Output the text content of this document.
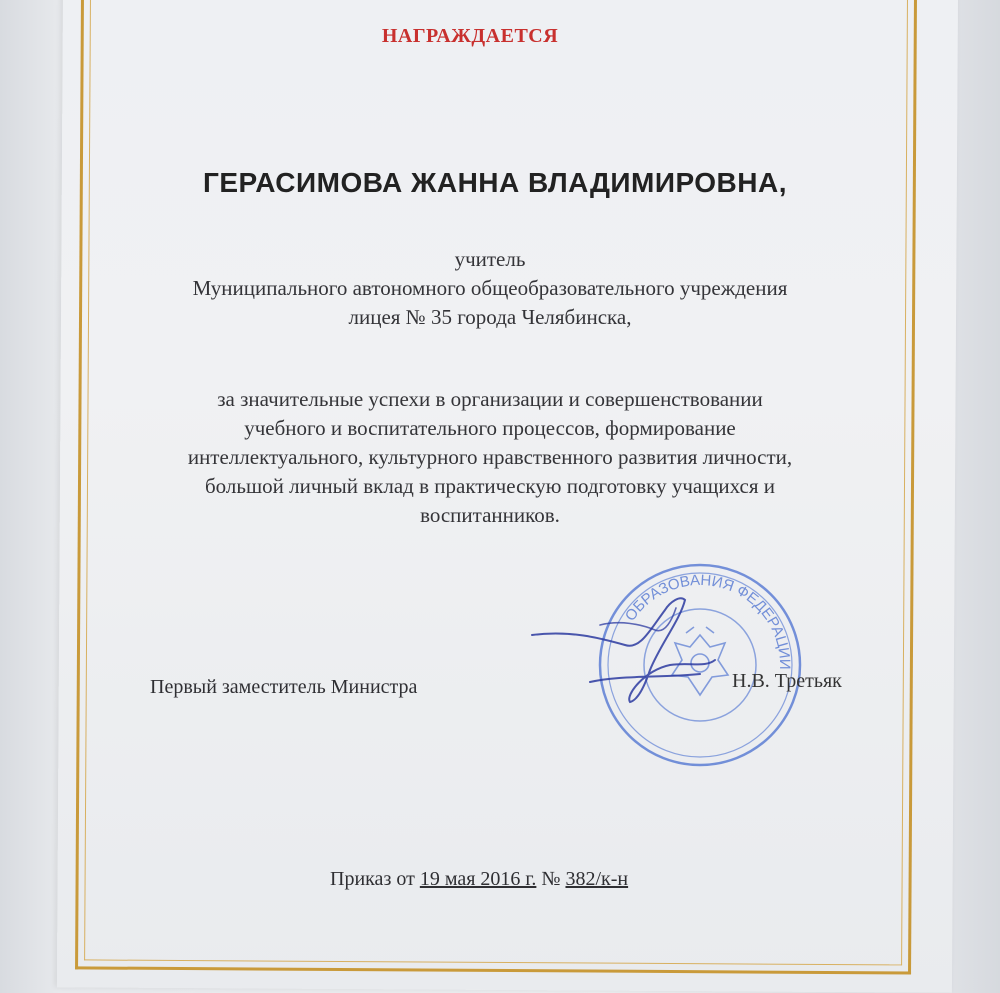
НАГРАЖДАЕТСЯ
ГЕРАСИМОВА ЖАННА ВЛАДИМИРОВНА,
учитель
Муниципального автономного общеобразовательного учреждения
лицея № 35 города Челябинска,
за значительные успехи в организации и совершенствовании
учебного и воспитательного процессов, формирование
интеллектуального, культурного нравственного развития личности,
большой личный вклад в практическую подготовку учащихся и
воспитанников.
Первый заместитель Министра
ОБРАЗОВАНИЯ ФЕДЕРАЦИИ
Н.В. Третьяк
Приказ от 19 мая 2016 г. № 382/к-н
